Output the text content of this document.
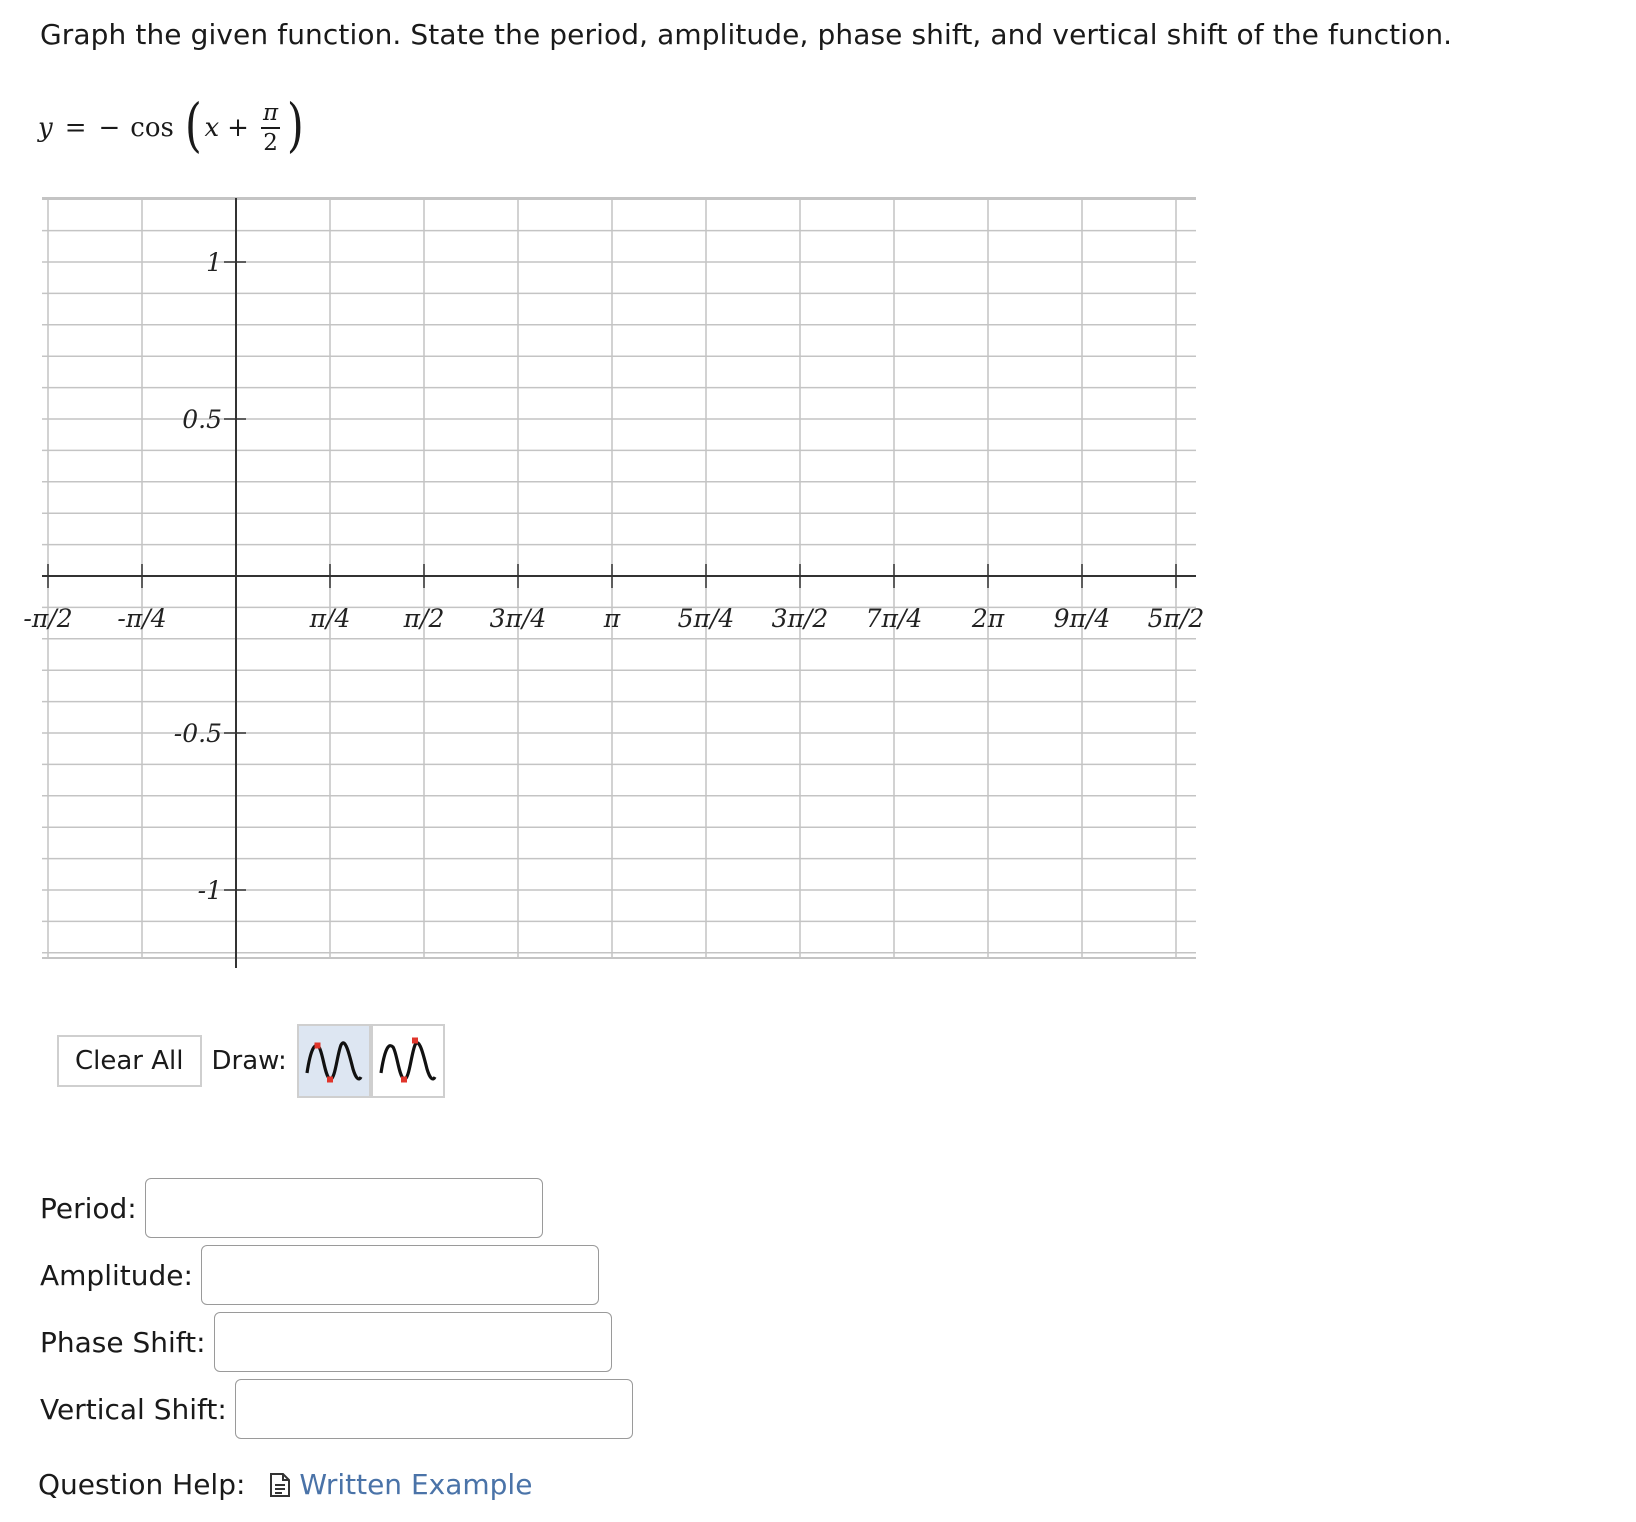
Graph the given function. State the period, amplitude, phase shift, and vertical shift of the function.
y = − cos ( $x + \frac{\pi}{2}$ )
-π/2 -π/4	π/4 π/2 3π/4 π 5π/4 3π/2 7π/4 2π 9π/4 5π/2
1
0.5
-0.5
-1
Clear All	Draw:
Period:
Amplitude:
Phase Shift:
Vertical Shift:
Question Help: Written Example
